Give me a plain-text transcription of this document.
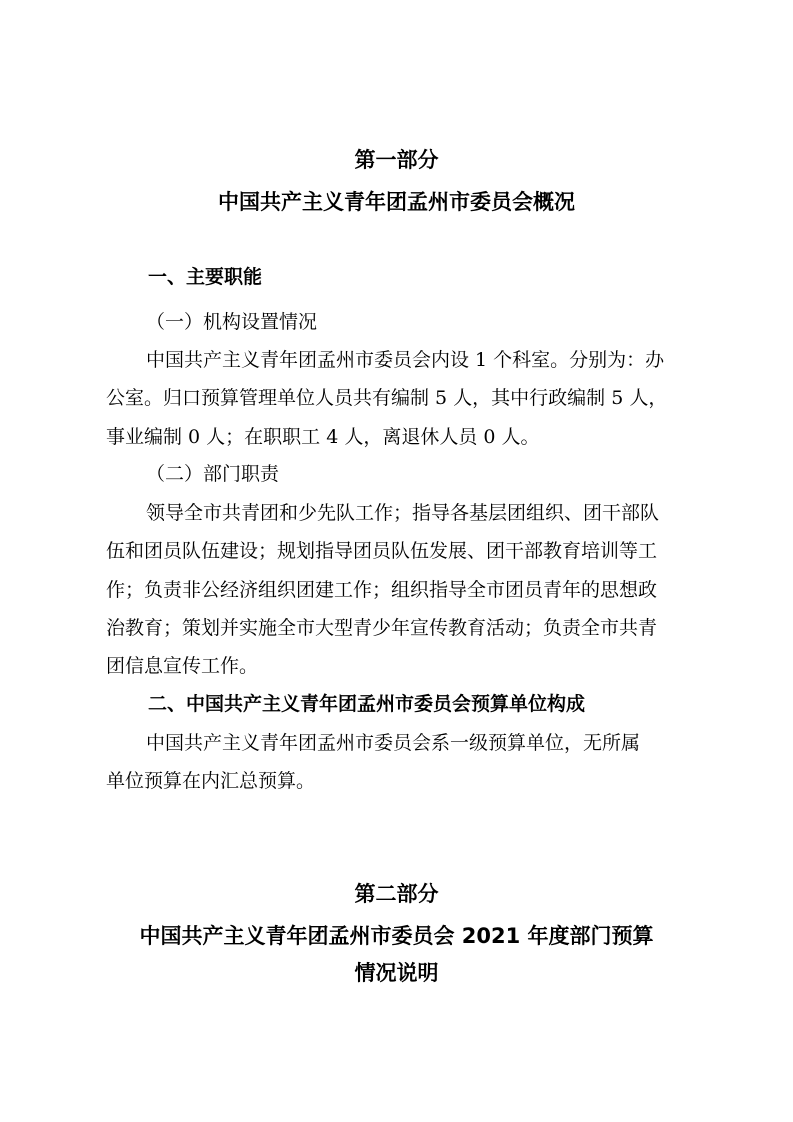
第一部分
中国共产主义青年团孟州市委员会概况
一、主要职能
（一）机构设置情况
中国共产主义青年团孟州市委员会内设 1 个科室。分别为：办
公室。归口预算管理单位人员共有编制 5 人，其中行政编制 5 人，
事业编制 0 人；在职职工 4 人，离退休人员 0 人。
（二）部门职责
领导全市共青团和少先队工作；指导各基层团组织、团干部队
伍和团员队伍建设；规划指导团员队伍发展、团干部教育培训等工
作；负责非公经济组织团建工作；组织指导全市团员青年的思想政
治教育；策划并实施全市大型青少年宣传教育活动；负责全市共青
团信息宣传工作。
二、中国共产主义青年团孟州市委员会预算单位构成
中国共产主义青年团孟州市委员会系一级预算单位，无所属
单位预算在内汇总预算。
第二部分
中国共产主义青年团孟州市委员会 2021 年度部门预算
情况说明
